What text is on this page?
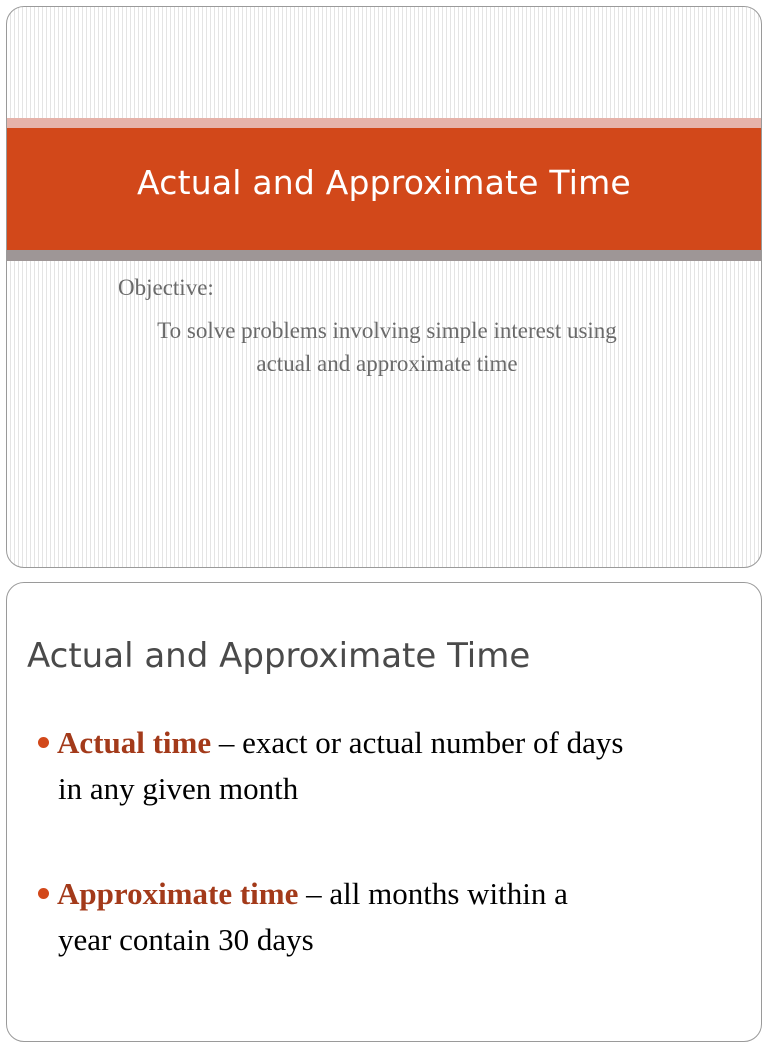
Actual and Approximate Time
Objective:
To solve problems involving simple interest using
actual and approximate time
Actual and Approximate Time
Actual time – exact or actual number of days
in any given month
Approximate time – all months within a
year contain 30 days
